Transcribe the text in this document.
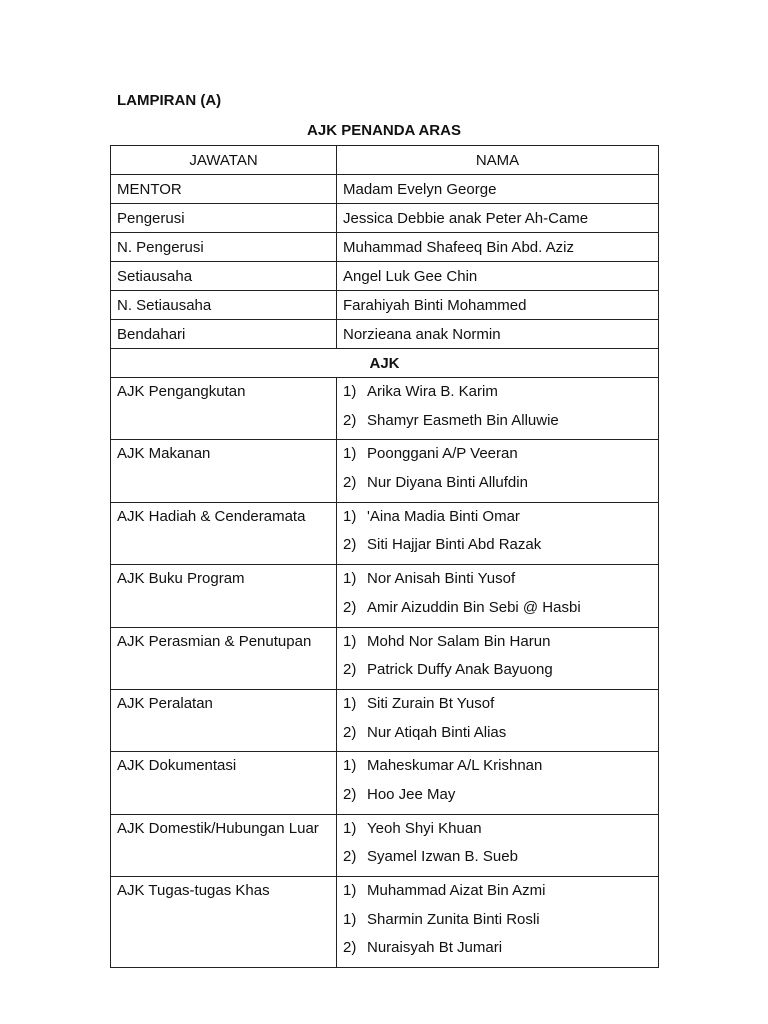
LAMPIRAN (A)
AJK PENANDA ARAS
JAWATAN	NAMA
MENTOR	Madam Evelyn George
Pengerusi	Jessica Debbie anak Peter Ah-Came
N. Pengerusi	Muhammad Shafeeq Bin Abd. Aziz
Setiausaha	Angel Luk Gee Chin
N. Setiausaha	Farahiyah Binti Mohammed
Bendahari	Norzieana anak Normin
AJK	

AJK Pengangkutan	1) Arika Wira B. Karim
2) Shamyr Easmeth Bin Alluwie

AJK Makanan	1) Poonggani A/P Veeran
2) Nur Diyana Binti Allufdin

AJK Hadiah & Cenderamata	1) 'Aina Madia Binti Omar
2) Siti Hajjar Binti Abd Razak

AJK Buku Program	1) Nor Anisah Binti Yusof
2) Amir Aizuddin Bin Sebi @ Hasbi

AJK Perasmian & Penutupan	1) Mohd Nor Salam Bin Harun
2) Patrick Duffy Anak Bayuong

AJK Peralatan	1) Siti Zurain Bt Yusof
2) Nur Atiqah Binti Alias

AJK Dokumentasi	1) Maheskumar A/L Krishnan
2) Hoo Jee May

AJK Domestik/Hubungan Luar	1) Yeoh Shyi Khuan
2) Syamel Izwan B. Sueb

AJK Tugas-tugas Khas	1) Muhammad Aizat Bin Azmi
1) Sharmin Zunita Binti Rosli
2) Nuraisyah Bt Jumari
